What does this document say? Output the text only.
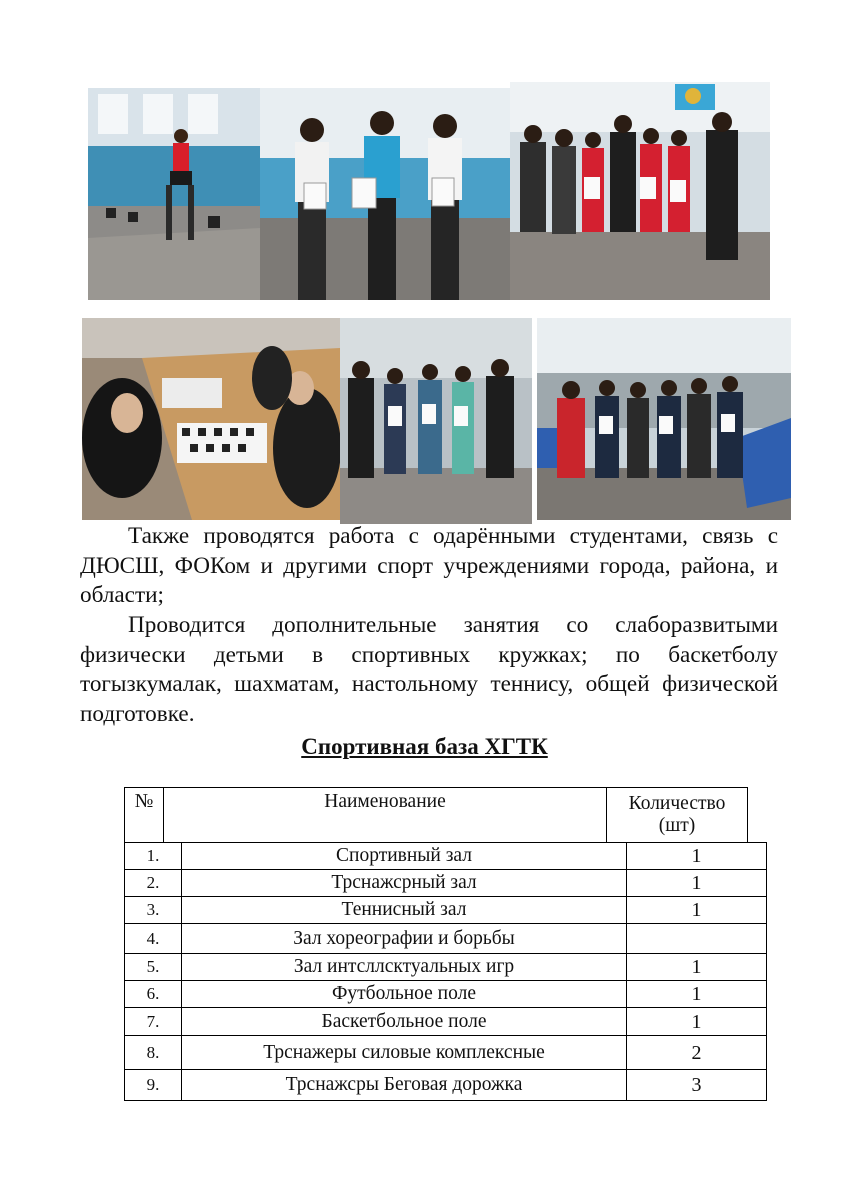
Также проводятся работа с одарёнными студентами, связь с ДЮСШ, ФОКом и другими спорт учреждениями города, района, и области;

Проводится дополнительные занятия со слаборазвитыми физически детьми в спортивных кружках; по баскетболу тогызкумалак, шахматам, настольному теннису, общей физической подготовке.

Спортивная база ХГТК
№	Наименование	Количество
(шт)
1.	Спортивный зал	1
2.	Трснажсрный зал	1
3.	Теннисный зал	1
4.	Зал хореографии и борьбы
5.	Зал интсллсктуальных игр	1
6.	Футбольное поле	1
7.	Баскетбольное поле	1
8.	Трснажеры силовые комплексные	2
9.	Трснажсры Беговая дорожка	3
